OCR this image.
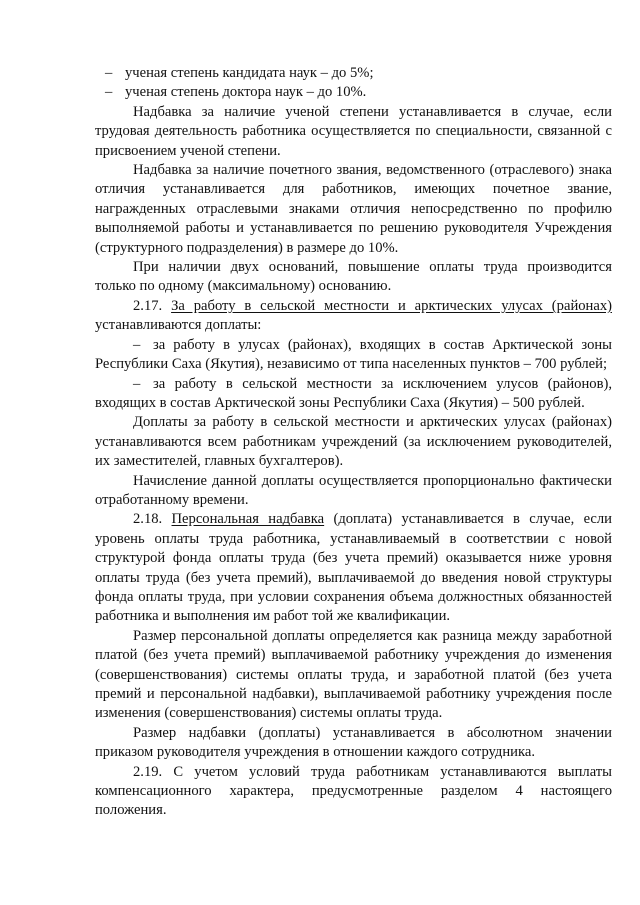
– ученая степень кандидата наук – до 5%;

– ученая степень доктора наук – до 10%.

Надбавка за наличие ученой степени устанавливается в случае, если трудовая деятельность работника осуществляется по специальности, связанной с присвоением ученой степени.

Надбавка за наличие почетного звания, ведомственного (отраслевого) знака отличия устанавливается для работников, имеющих почетное звание, награжденных отраслевыми знаками отличия непосредственно по профилю выполняемой работы и устанавливается по решению руководителя Учреждения (структурного подразделения) в размере до 10%.

При наличии двух оснований, повышение оплаты труда производится только по одному (максимальному) основанию.

2.17. За работу в сельской местности и арктических улусах (районах) устанавливаются доплаты:

– за работу в улусах (районах), входящих в состав Арктической зоны Республики Саха (Якутия), независимо от типа населенных пунктов – 700 рублей;

– за работу в сельской местности за исключением улусов (районов), входящих в состав Арктической зоны Республики Саха (Якутия) – 500 рублей.

Доплаты за работу в сельской местности и арктических улусах (районах) устанавливаются всем работникам учреждений (за исключением руководителей, их заместителей, главных бухгалтеров).

Начисление данной доплаты осуществляется пропорционально фактически отработанному времени.

2.18. Персональная надбавка (доплата) устанавливается в случае, если уровень оплаты труда работника, устанавливаемый в соответствии с новой структурой фонда оплаты труда (без учета премий) оказывается ниже уровня оплаты труда (без учета премий), выплачиваемой до введения новой структуры фонда оплаты труда, при условии сохранения объема должностных обязанностей работника и выполнения им работ той же квалификации.

Размер персональной доплаты определяется как разница между заработной платой (без учета премий) выплачиваемой работнику учреждения до изменения (совершенствования) системы оплаты труда, и заработной платой (без учета премий и персональной надбавки), выплачиваемой работнику учреждения после изменения (совершенствования) системы оплаты труда.

Размер надбавки (доплаты) устанавливается в абсолютном значении приказом руководителя учреждения в отношении каждого сотрудника.

2.19. С учетом условий труда работникам устанавливаются выплаты компенсационного характера, предусмотренные разделом 4 настоящего положения.
